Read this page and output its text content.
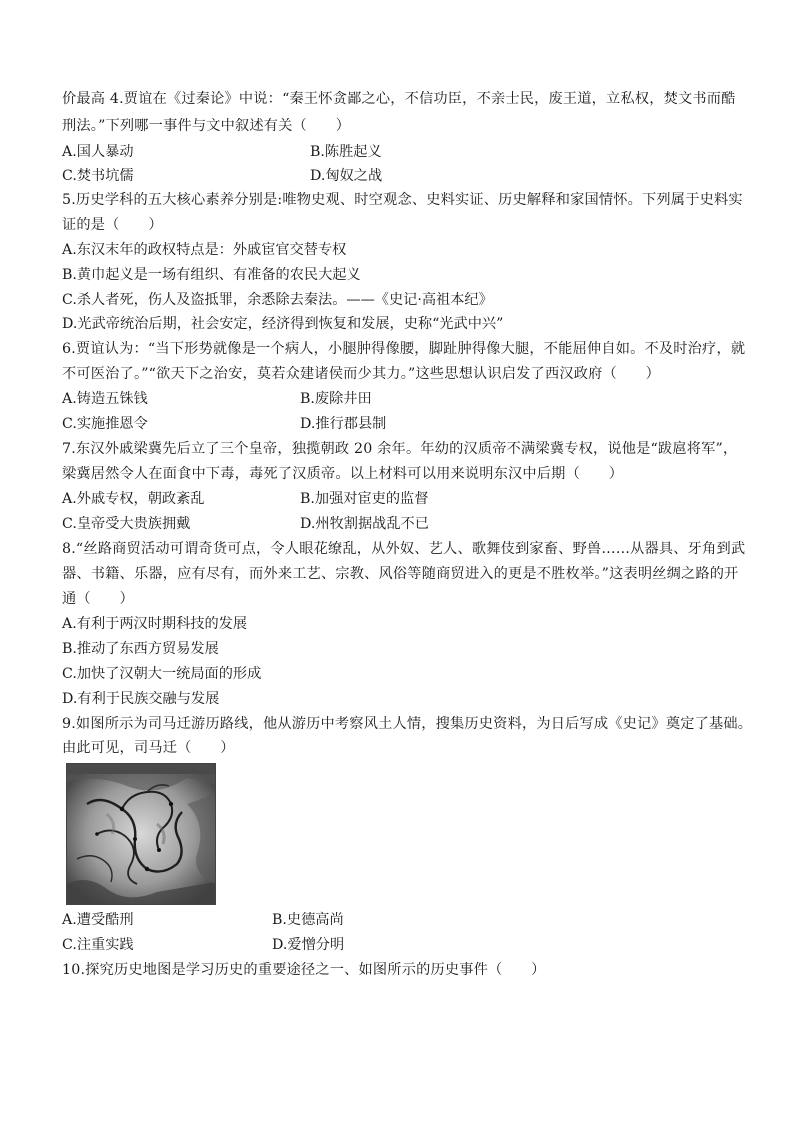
价最高 4.贾谊在《过秦论》中说：“秦王怀贪鄙之心，不信功臣，不亲士民，废王道，立私权，焚文书而酷
刑法。”下列哪一事件与文中叙述有关（　　）
A.国人暴动	B.陈胜起义
C.焚书坑儒	D.匈奴之战
5.历史学科的五大核心素养分别是:唯物史观、时空观念、史料实证、历史解释和家国情怀。下列属于史料实
证的是（　　）
A.东汉末年的政权特点是：外戚宦官交替专权
B.黄巾起义是一场有组织、有准备的农民大起义
C.杀人者死，伤人及盗抵罪，余悉除去秦法。——《史记·高祖本纪》
D.光武帝统治后期，社会安定，经济得到恢复和发展，史称“光武中兴”
6.贾谊认为：“当下形势就像是一个病人，小腿肿得像腰，脚趾肿得像大腿，不能屈伸自如。不及时治疗，就
不可医治了。”“欲天下之治安，莫若众建诸侯而少其力。”这些思想认识启发了西汉政府（　　）
A.铸造五铢钱	B.废除井田
C.实施推恩令	D.推行郡县制
7.东汉外戚梁冀先后立了三个皇帝，独揽朝政 20 余年。年幼的汉质帝不满梁冀专权，说他是“跋扈将军”，
梁冀居然令人在面食中下毒，毒死了汉质帝。以上材料可以用来说明东汉中后期（　　）
A.外戚专权，朝政紊乱	B.加强对宦吏的监督
C.皇帝受大贵族拥戴	D.州牧割据战乱不已
8.“丝路商贸活动可谓奇货可点，令人眼花缭乱，从外奴、艺人、歌舞伎到家畜、野兽……从器具、牙角到武
器、书籍、乐器，应有尽有，而外来工艺、宗教、风俗等随商贸进入的更是不胜枚举。”这表明丝绸之路的开
通（　　）
A.有利于两汉时期科技的发展
B.推动了东西方贸易发展
C.加快了汉朝大一统局面的形成
D.有利于民族交融与发展
9.如图所示为司马迁游历路线，他从游历中考察风土人情，搜集历史资料，为日后写成《史记》奠定了基础。
由此可见，司马迁（　　）
A.遭受酷刑	B.史德高尚
C.注重实践	D.爱憎分明
10.探究历史地图是学习历史的重要途径之一、如图所示的历史事件（　　）
